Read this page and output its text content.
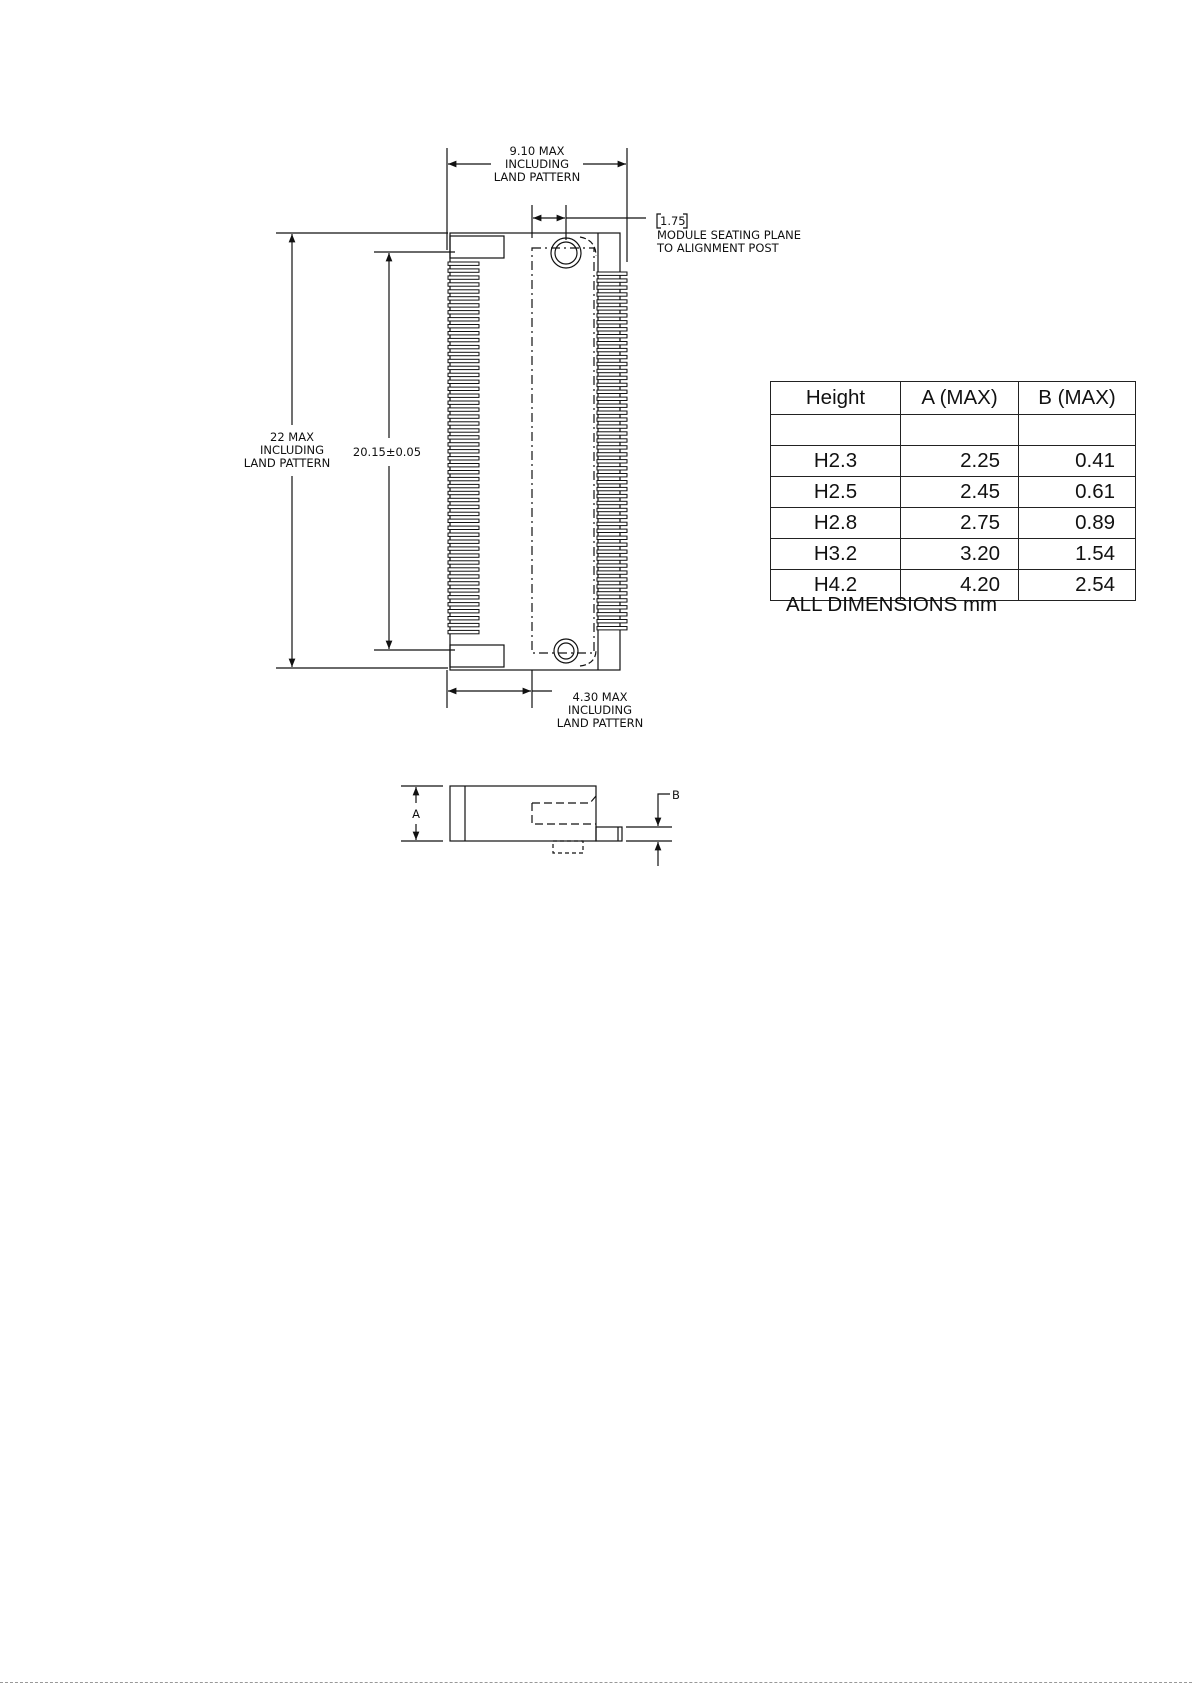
9.10 MAX
INCLUDING
LAND PATTERN
1.75
MODULE SEATING PLANE
TO ALIGNMENT POST
22 MAX
INCLUDING
LAND PATTERN
20.15±0.05
4.30 MAX
INCLUDING
LAND PATTERN
A
B
Height	A (MAX)	B (MAX)

H2.3	2.25	0.41
H2.5	2.45	0.61
H2.8	2.75	0.89
H3.2	3.20	1.54
H4.2	4.20	2.54
ALL DIMENSIONS mm
